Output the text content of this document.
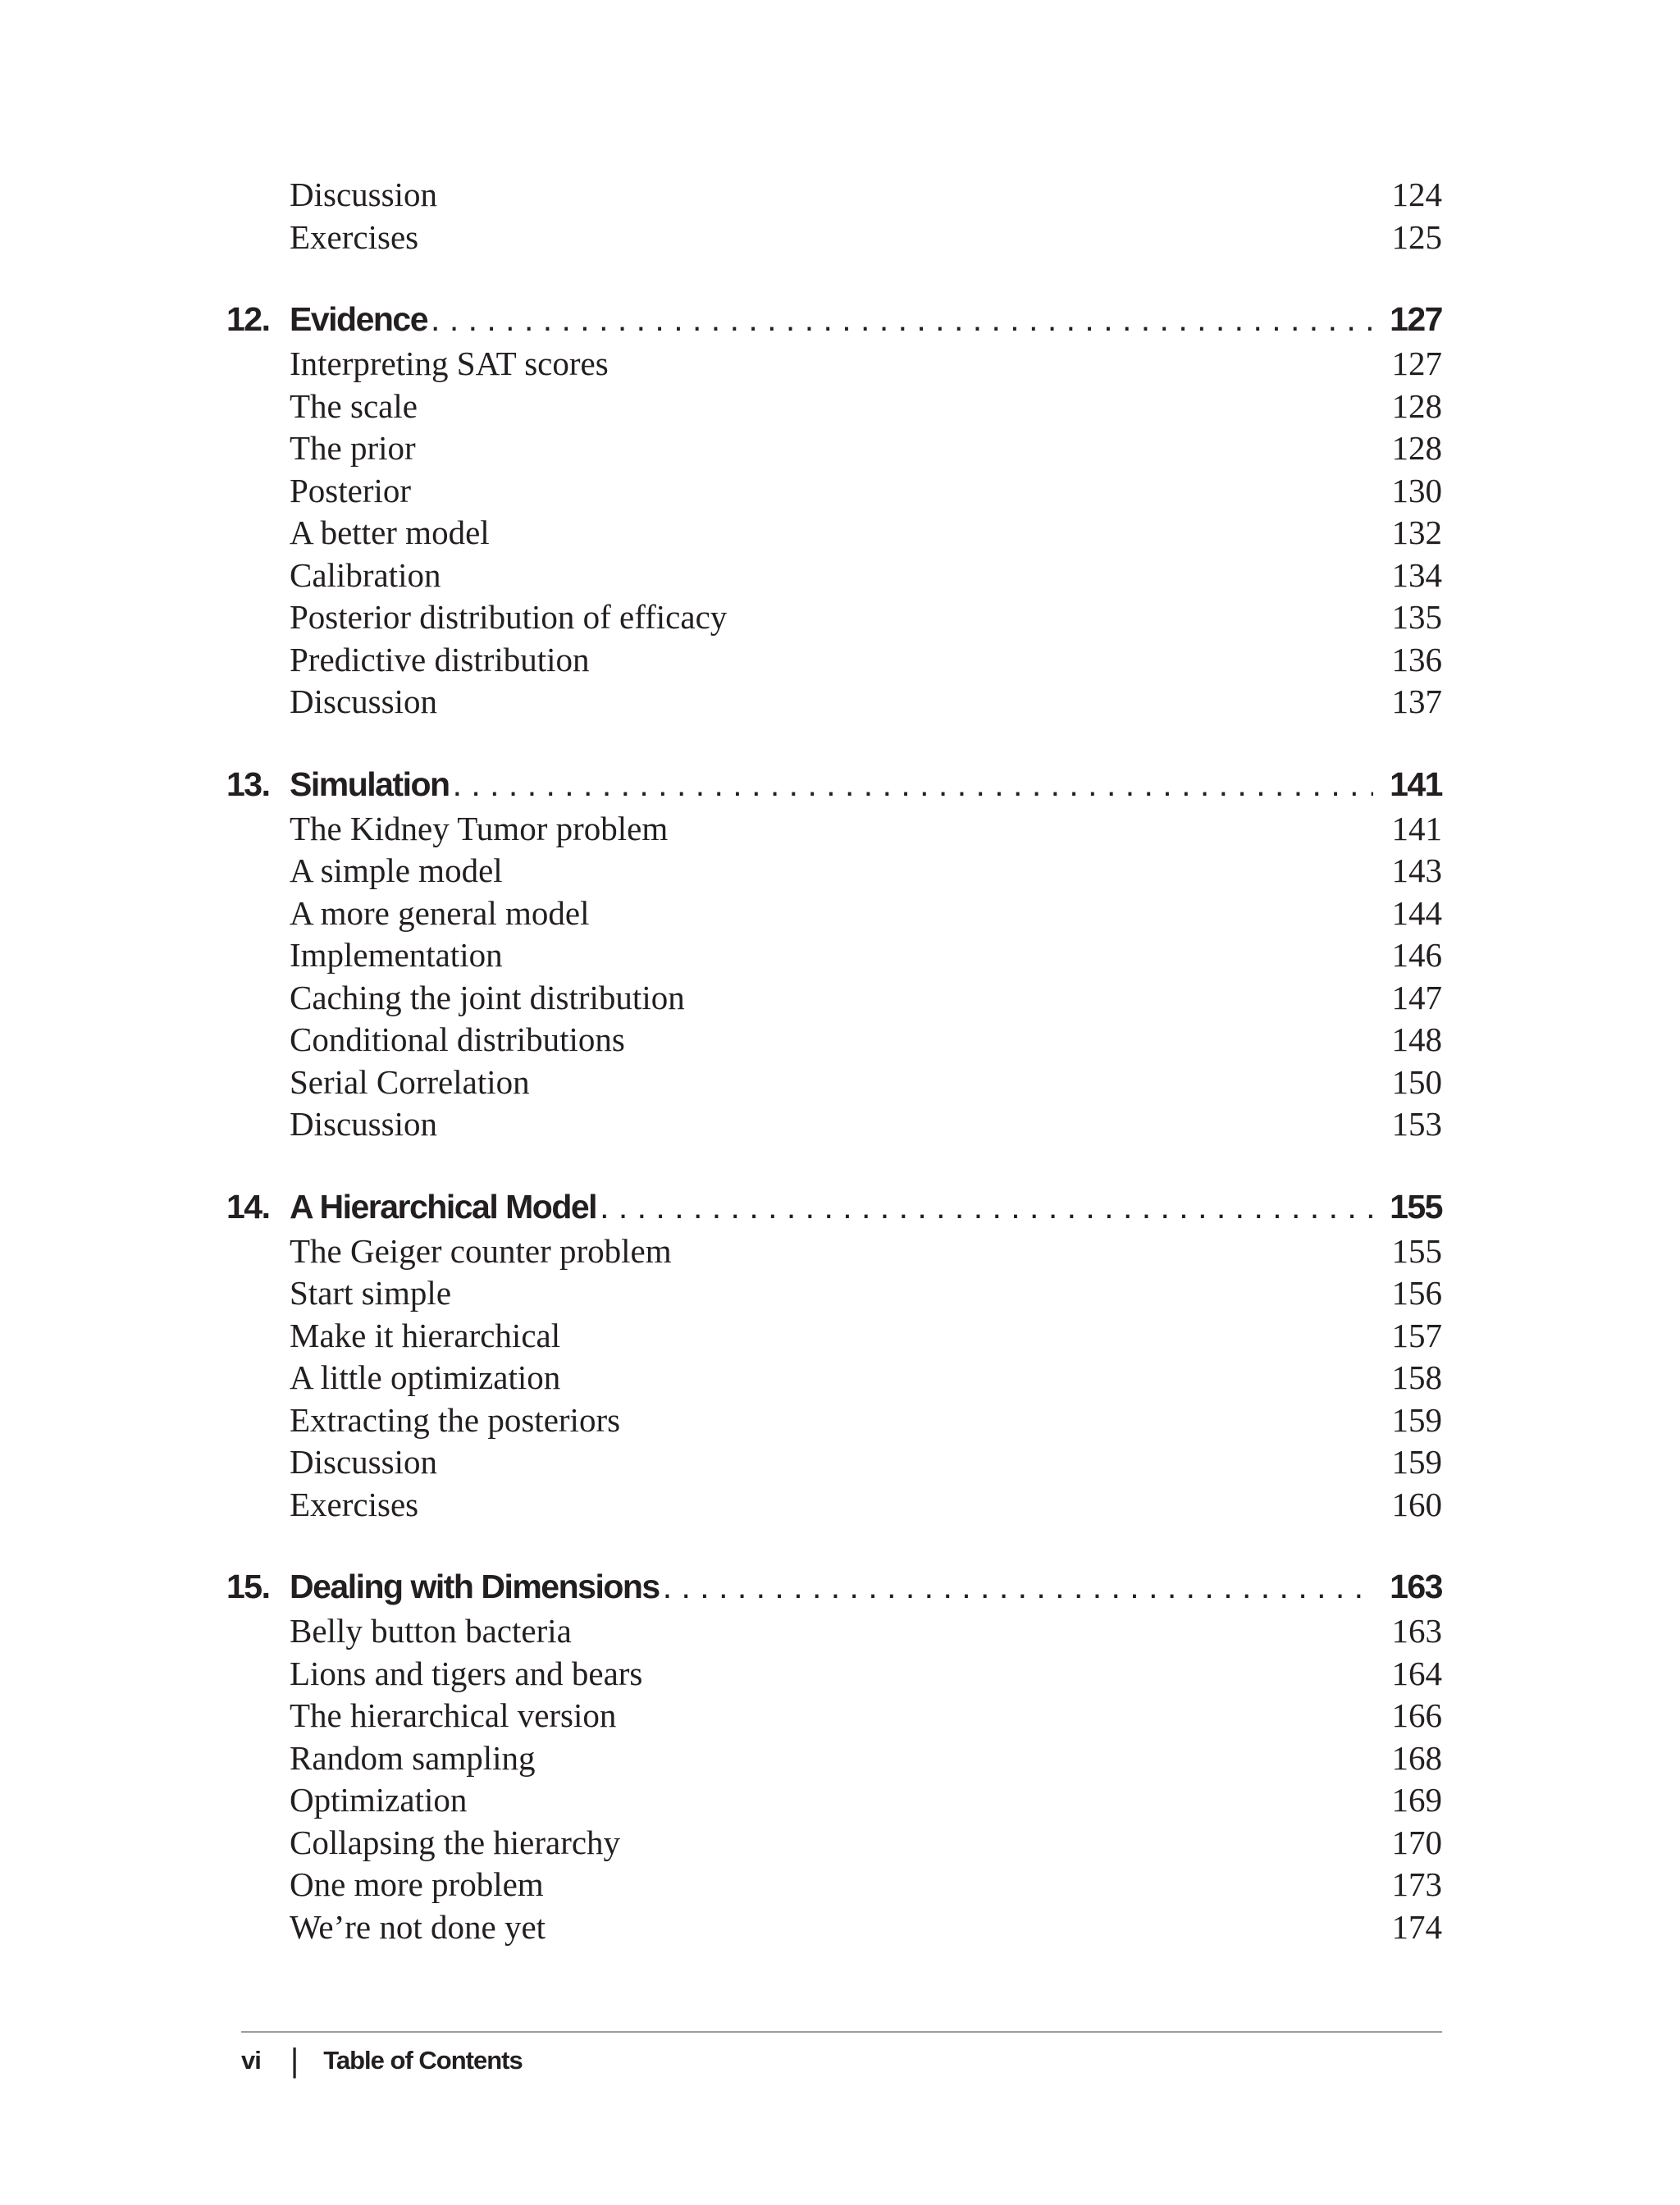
Discussion	124
Exercises	125
12. Evidence . . .	127
Interpreting SAT scores	127
The scale	128
The prior	128
Posterior	130
A better model	132
Calibration	134
Posterior distribution of efficacy	135
Predictive distribution	136
Discussion	137
13. Simulation . . .	141
The Kidney Tumor problem	141
A simple model	143
A more general model	144
Implementation	146
Caching the joint distribution	147
Conditional distributions	148
Serial Correlation	150
Discussion	153
14. A Hierarchical Model . . .	155
The Geiger counter problem	155
Start simple	156
Make it hierarchical	157
A little optimization	158
Extracting the posteriors	159
Discussion	159
Exercises	160
15. Dealing with Dimensions . . .	163
Belly button bacteria	163
Lions and tigers and bears	164
The hierarchical version	166
Random sampling	168
Optimization	169
Collapsing the hierarchy	170
One more problem	173
We’re not done yet	174
vi | Table of Contents
